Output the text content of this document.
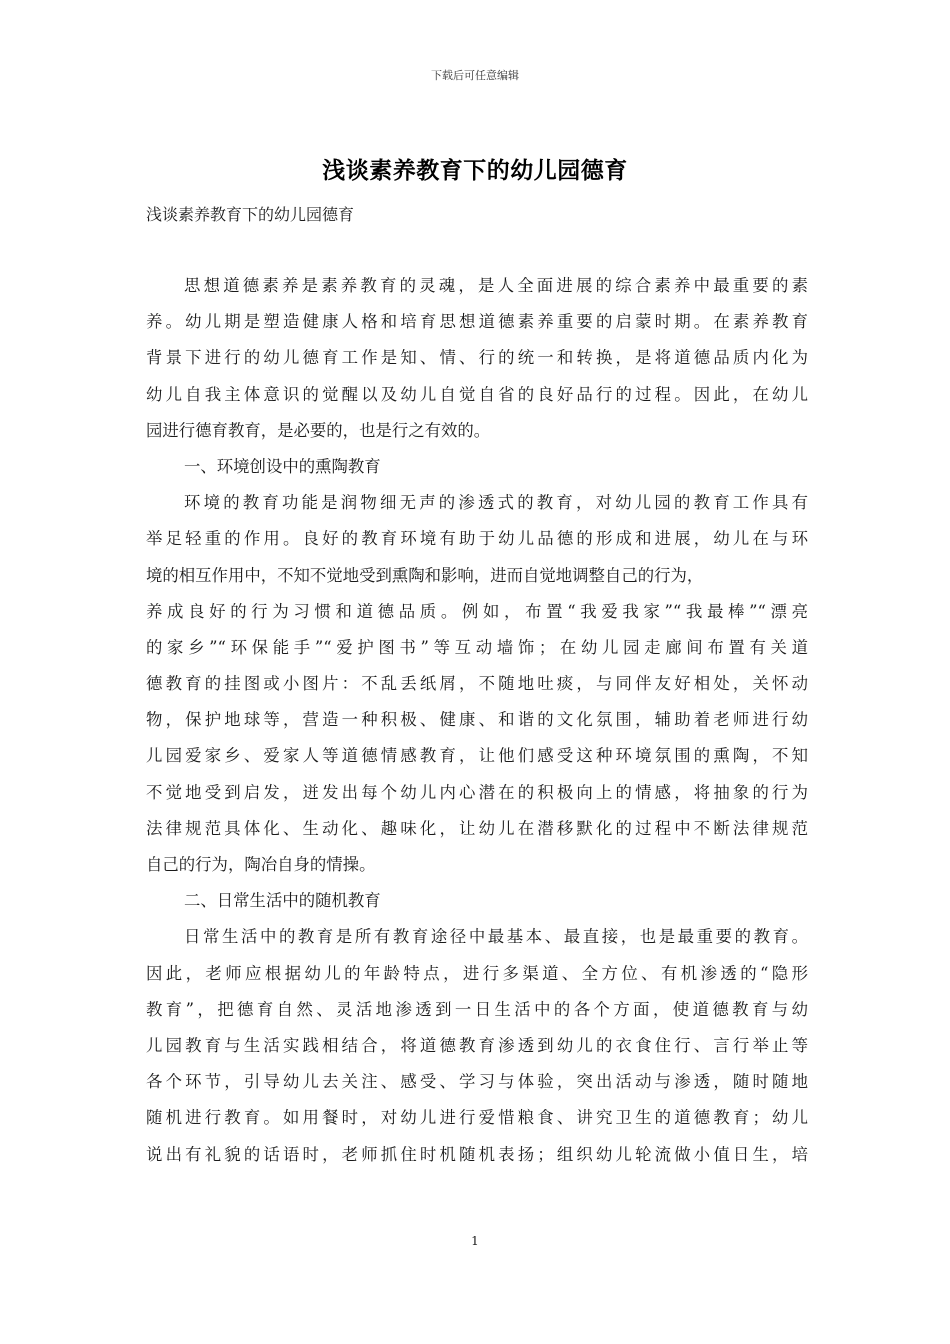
下载后可任意编辑
浅谈素养教育下的幼儿园德育
浅谈素养教育下的幼儿园德育
思想道德素养是素养教育的灵魂，是人全面进展的综合素养中最重要的素
养。幼儿期是塑造健康人格和培育思想道德素养重要的启蒙时期。在素养教育
背景下进行的幼儿德育工作是知、情、行的统一和转换，是将道德品质内化为
幼儿自我主体意识的觉醒以及幼儿自觉自省的良好品行的过程。因此，在幼儿
园进行德育教育，是必要的，也是行之有效的。
一、环境创设中的熏陶教育
环境的教育功能是润物细无声的渗透式的教育，对幼儿园的教育工作具有
举足轻重的作用。良好的教育环境有助于幼儿品德的形成和进展，幼儿在与环
境的相互作用中，不知不觉地受到熏陶和影响，进而自觉地调整自己的行为，
养成良好的行为习惯和道德品质。例如，布置“我爱我家”“我最棒”“漂亮
的家乡”“环保能手”“爱护图书”等互动墙饰；在幼儿园走廊间布置有关道
德教育的挂图或小图片：不乱丢纸屑，不随地吐痰，与同伴友好相处，关怀动
物，保护地球等，营造一种积极、健康、和谐的文化氛围，辅助着老师进行幼
儿园爱家乡、爱家人等道德情感教育，让他们感受这种环境氛围的熏陶，不知
不觉地受到启发，迸发出每个幼儿内心潜在的积极向上的情感，将抽象的行为
法律规范具体化、生动化、趣味化，让幼儿在潜移默化的过程中不断法律规范
自己的行为，陶冶自身的情操。
二、日常生活中的随机教育
日常生活中的教育是所有教育途径中最基本、最直接，也是最重要的教育。
因此，老师应根据幼儿的年龄特点，进行多渠道、全方位、有机渗透的“隐形
教育”，把德育自然、灵活地渗透到一日生活中的各个方面，使道德教育与幼
儿园教育与生活实践相结合，将道德教育渗透到幼儿的衣食住行、言行举止等
各个环节，引导幼儿去关注、感受、学习与体验，突出活动与渗透，随时随地
随机进行教育。如用餐时，对幼儿进行爱惜粮食、讲究卫生的道德教育；幼儿
说出有礼貌的话语时，老师抓住时机随机表扬；组织幼儿轮流做小值日生，培
1
